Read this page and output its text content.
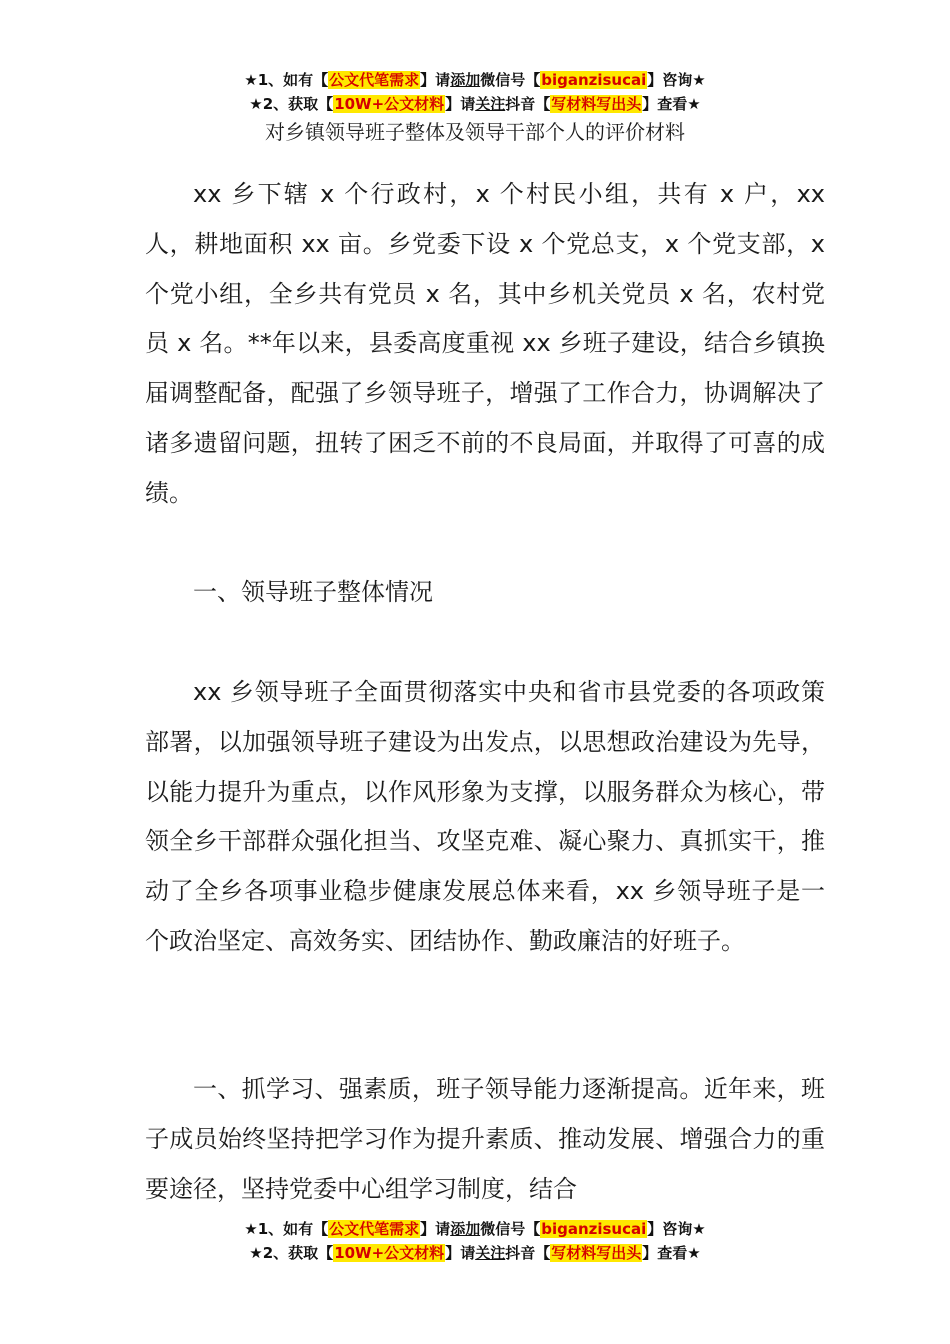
★1、如有【公文代笔需求】请添加微信号【biganzisucai】咨询★
★2、获取【10W+公文材料】请关注抖音【写材料写出头】查看★
对乡镇领导班子整体及领导干部个人的评价材料

xx 乡下辖 x 个行政村，x 个村民小组，共有 x 户，xx 人，耕地面积 xx 亩。乡党委下设 x 个党总支，x 个党支部，x 个党小组，全乡共有党员 x 名，其中乡机关党员 x 名，农村党员 x 名。**年以来，县委高度重视 xx 乡班子建设，结合乡镇换届调整配备，配强了乡领导班子，增强了工作合力，协调解决了诸多遗留问题，扭转了困乏不前的不良局面，并取得了可喜的成绩。

一、领导班子整体情况

xx 乡领导班子全面贯彻落实中央和省市县党委的各项政策部署，以加强领导班子建设为出发点，以思想政治建设为先导，以能力提升为重点，以作风形象为支撑，以服务群众为核心，带领全乡干部群众强化担当、攻坚克难、凝心聚力、真抓实干，推动了全乡各项事业稳步健康发展总体来看，xx 乡领导班子是一个政治坚定、高效务实、团结协作、勤政廉洁的好班子。

一、抓学习、强素质，班子领导能力逐渐提高。近年来，班子成员始终坚持把学习作为提升素质、推动发展、增强合力的重要途径，坚持党委中心组学习制度，结合

★1、如有【公文代笔需求】请添加微信号【biganzisucai】咨询★
★2、获取【10W+公文材料】请关注抖音【写材料写出头】查看★
